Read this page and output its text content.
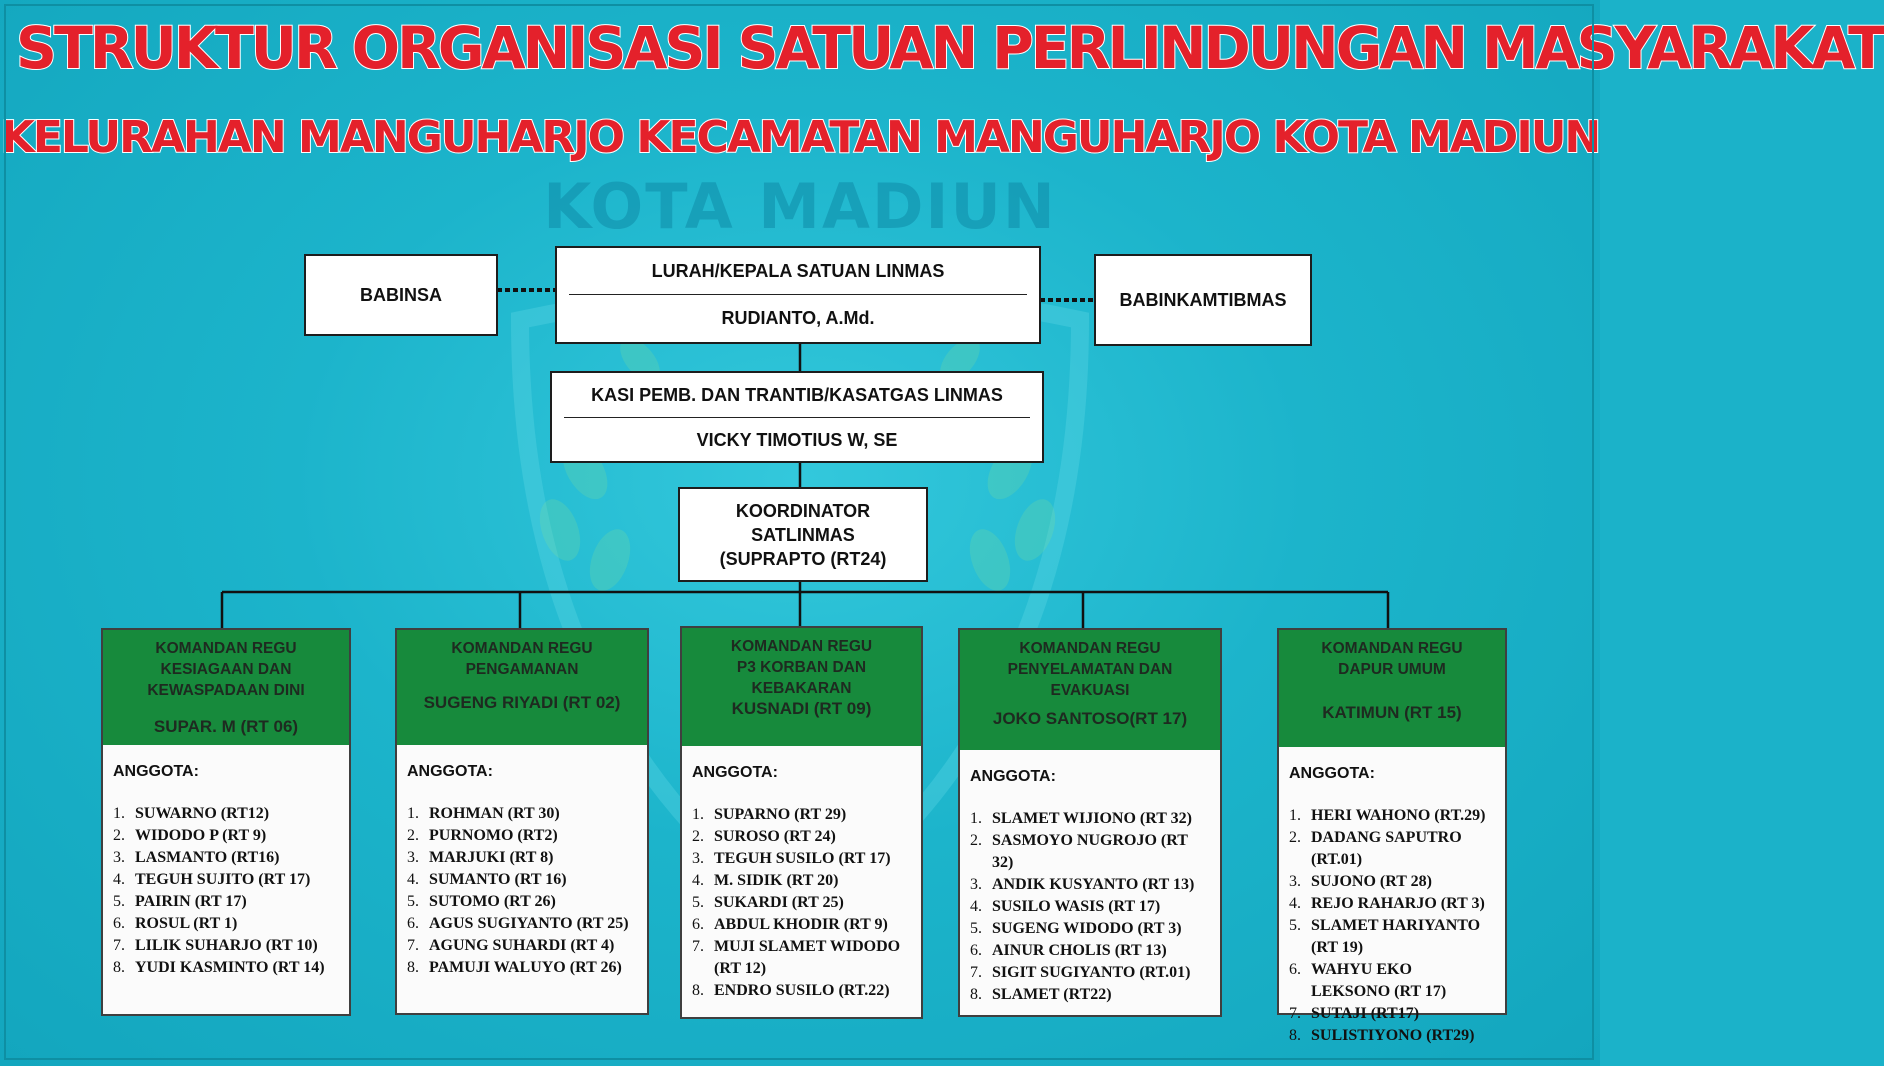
KOTA MADIUN
STRUKTUR ORGANISASI SATUAN PERLINDUNGAN MASYARAKAT
KELURAHAN MANGUHARJO KECAMATAN MANGUHARJO KOTA MADIUN
BABINSA
LURAH/KEPALA SATUAN LINMAS
RUDIANTO, A.Md.
BABINKAMTIBMAS
KASI PEMB. DAN TRANTIB/KASATGAS LINMAS
VICKY TIMOTIUS W, SE
KOORDINATOR
SATLINMAS
(SUPRAPTO (RT24)
KOMANDAN REGU
KESIAGAAN DAN
KEWASPADAAN DINI
SUPAR. M (RT 06)
ANGGOTA:
1. SUWARNO (RT12)
2. WIDODO P (RT 9)
3. LASMANTO (RT16)
4. TEGUH SUJITO (RT 17)
5. PAIRIN (RT 17)
6. ROSUL (RT 1)
7. LILIK SUHARJO (RT 10)
8. YUDI KASMINTO (RT 14)
KOMANDAN REGU
PENGAMANAN
SUGENG RIYADI (RT 02)
ANGGOTA:
1. ROHMAN (RT 30)
2. PURNOMO (RT2)
3. MARJUKI (RT 8)
4. SUMANTO (RT 16)
5. SUTOMO (RT 26)
6. AGUS SUGIYANTO (RT 25)
7. AGUNG SUHARDI (RT 4)
8. PAMUJI WALUYO (RT 26)
KOMANDAN REGU
P3 KORBAN DAN
KEBAKARAN
KUSNADI (RT 09)
ANGGOTA:
1. SUPARNO (RT 29)
2. SUROSO (RT 24)
3. TEGUH SUSILO (RT 17)
4. M. SIDIK (RT 20)
5. SUKARDI (RT 25)
6. ABDUL KHODIR (RT 9)
7. MUJI SLAMET WIDODO (RT 12)
8. ENDRO SUSILO (RT.22)
KOMANDAN REGU
PENYELAMATAN DAN
EVAKUASI
JOKO SANTOSO(RT 17)
ANGGOTA:
1. SLAMET WIJIONO (RT 32)
2. SASMOYO NUGROJO (RT 32)
3. ANDIK KUSYANTO (RT 13)
4. SUSILO WASIS (RT 17)
5. SUGENG WIDODO (RT 3)
6. AINUR CHOLIS (RT 13)
7. SIGIT SUGIYANTO (RT.01)
8. SLAMET (RT22)
KOMANDAN REGU
DAPUR UMUM
KATIMUN (RT 15)
ANGGOTA:
1. HERI WAHONO (RT.29)
2. DADANG SAPUTRO (RT.01)
3. SUJONO (RT 28)
4. REJO RAHARJO (RT 3)
5. SLAMET HARIYANTO (RT 19)
6. WAHYU EKO LEKSONO (RT 17)
7. SUTAJI (RT17)
8. SULISTIYONO (RT29)
